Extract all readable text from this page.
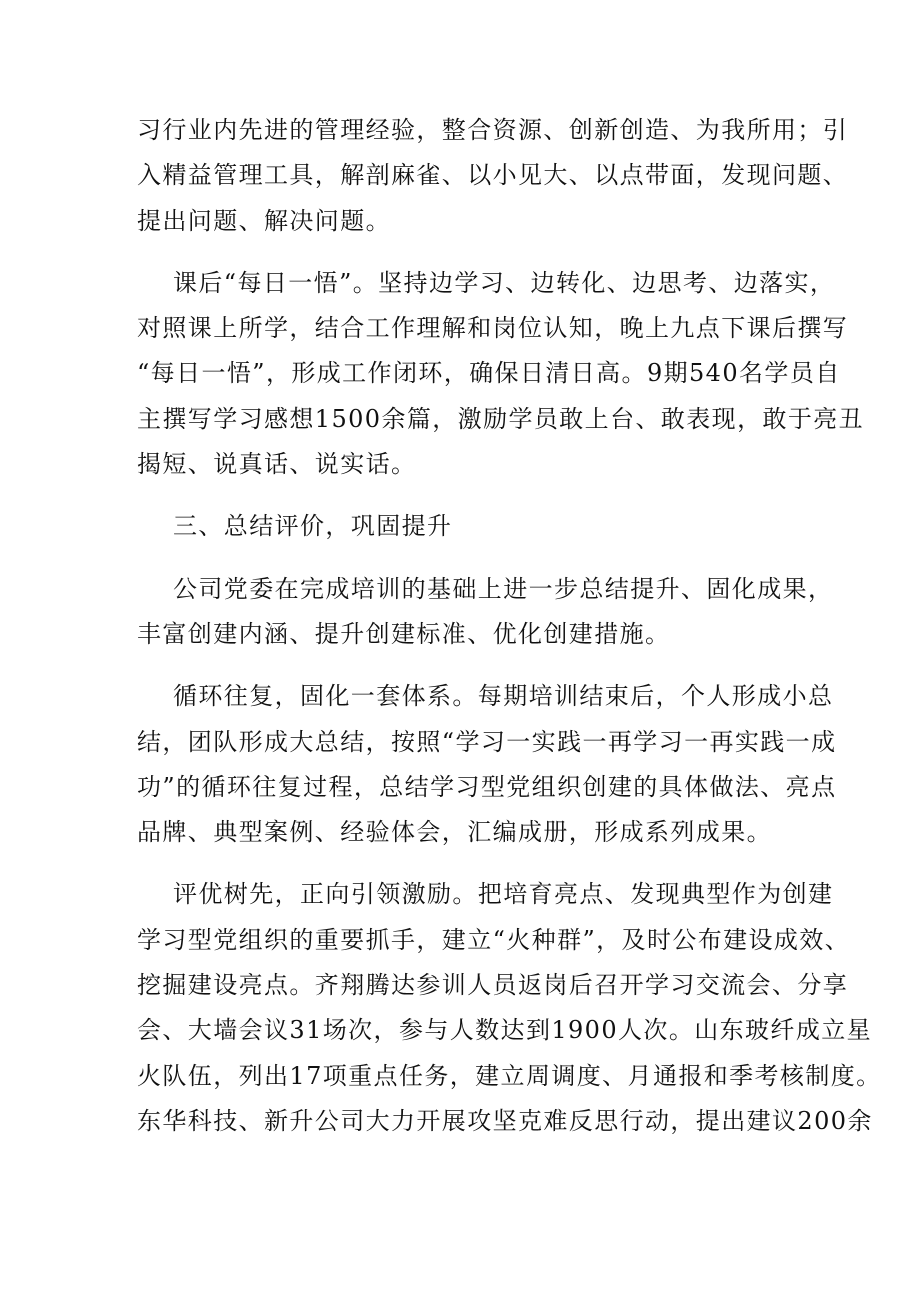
习行业内先进的管理经验，整合资源、创新创造、为我所用；引
入精益管理工具，解剖麻雀、以小见大、以点带面，发现问题、
提出问题、解决问题。

课后“每日一悟”。坚持边学习、边转化、边思考、边落实，
对照课上所学，结合工作理解和岗位认知，晚上九点下课后撰写
“每日一悟”，形成工作闭环，确保日清日高。9期540名学员自
主撰写学习感想1500余篇，激励学员敢上台、敢表现，敢于亮丑
揭短、说真话、说实话。

三、总结评价，巩固提升

公司党委在完成培训的基础上进一步总结提升、固化成果，
丰富创建内涵、提升创建标准、优化创建措施。

循环往复，固化一套体系。每期培训结束后，个人形成小总
结，团队形成大总结，按照“学习一实践一再学习一再实践一成
功”的循环往复过程，总结学习型党组织创建的具体做法、亮点
品牌、典型案例、经验体会，汇编成册，形成系列成果。

评优树先，正向引领激励。把培育亮点、发现典型作为创建
学习型党组织的重要抓手，建立“火种群”，及时公布建设成效、
挖掘建设亮点。齐翔腾达参训人员返岗后召开学习交流会、分享
会、大墙会议31场次，参与人数达到1900人次。山东玻纤成立星
火队伍，列出17项重点任务，建立周调度、月通报和季考核制度。
东华科技、新升公司大力开展攻坚克难反思行动，提出建议200余
